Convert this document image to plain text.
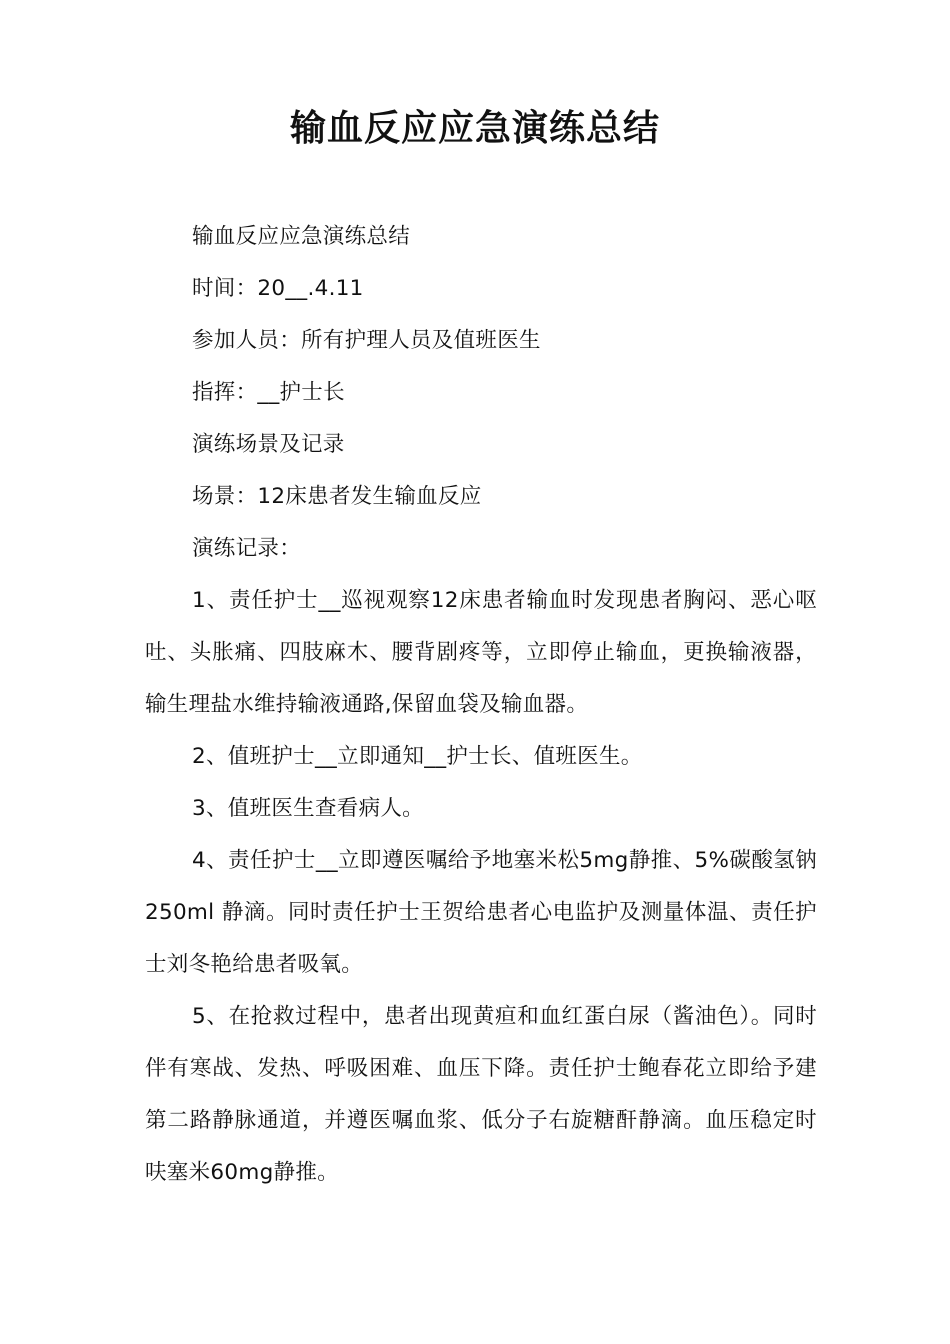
输血反应应急演练总结

输血反应应急演练总结

时间：20__.4.11

参加人员：所有护理人员及值班医生

指挥：__护士长

演练场景及记录

场景：12床患者发生输血反应

演练记录：

1、责任护士__巡视观察12床患者输血时发现患者胸闷、恶心呕吐、头胀痛、四肢麻木、腰背剧疼等，立即停止输血，更换输液器，输生理盐水维持输液通路,保留血袋及输血器。

2、值班护士__立即通知__护士长、值班医生。

3、值班医生查看病人。

4、责任护士__立即遵医嘱给予地塞米松5mg静推、5%碳酸氢钠 250ml 静滴。同时责任护士王贺给患者心电监护及测量体温、责任护士刘冬艳给患者吸氧。

5、在抢救过程中，患者出现黄疸和血红蛋白尿（酱油色）。同时伴有寒战、发热、呼吸困难、血压下降。责任护士鲍春花立即给予建第二路静脉通道，并遵医嘱血浆、低分子右旋糖酐静滴。血压稳定时呋塞米60mg静推。
